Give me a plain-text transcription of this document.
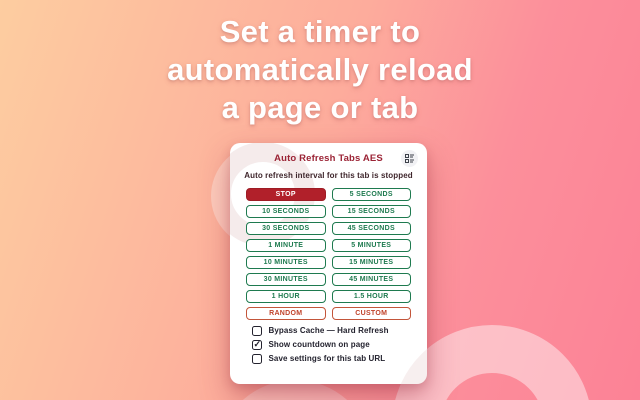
Set a timer to
automatically reload
a page or tab
Auto Refresh Tabs AES
Auto refresh interval for this tab is stopped
STOP	5 SECONDS
10 SECONDS	15 SECONDS
30 SECONDS	45 SECONDS
1 MINUTE	5 MINUTES
10 MINUTES	15 MINUTES
30 MINUTES	45 MINUTES
1 HOUR	1.5 HOUR
RANDOM	CUSTOM
Bypass Cache — Hard Refresh
✓
Show countdown on page
Save settings for this tab URL
